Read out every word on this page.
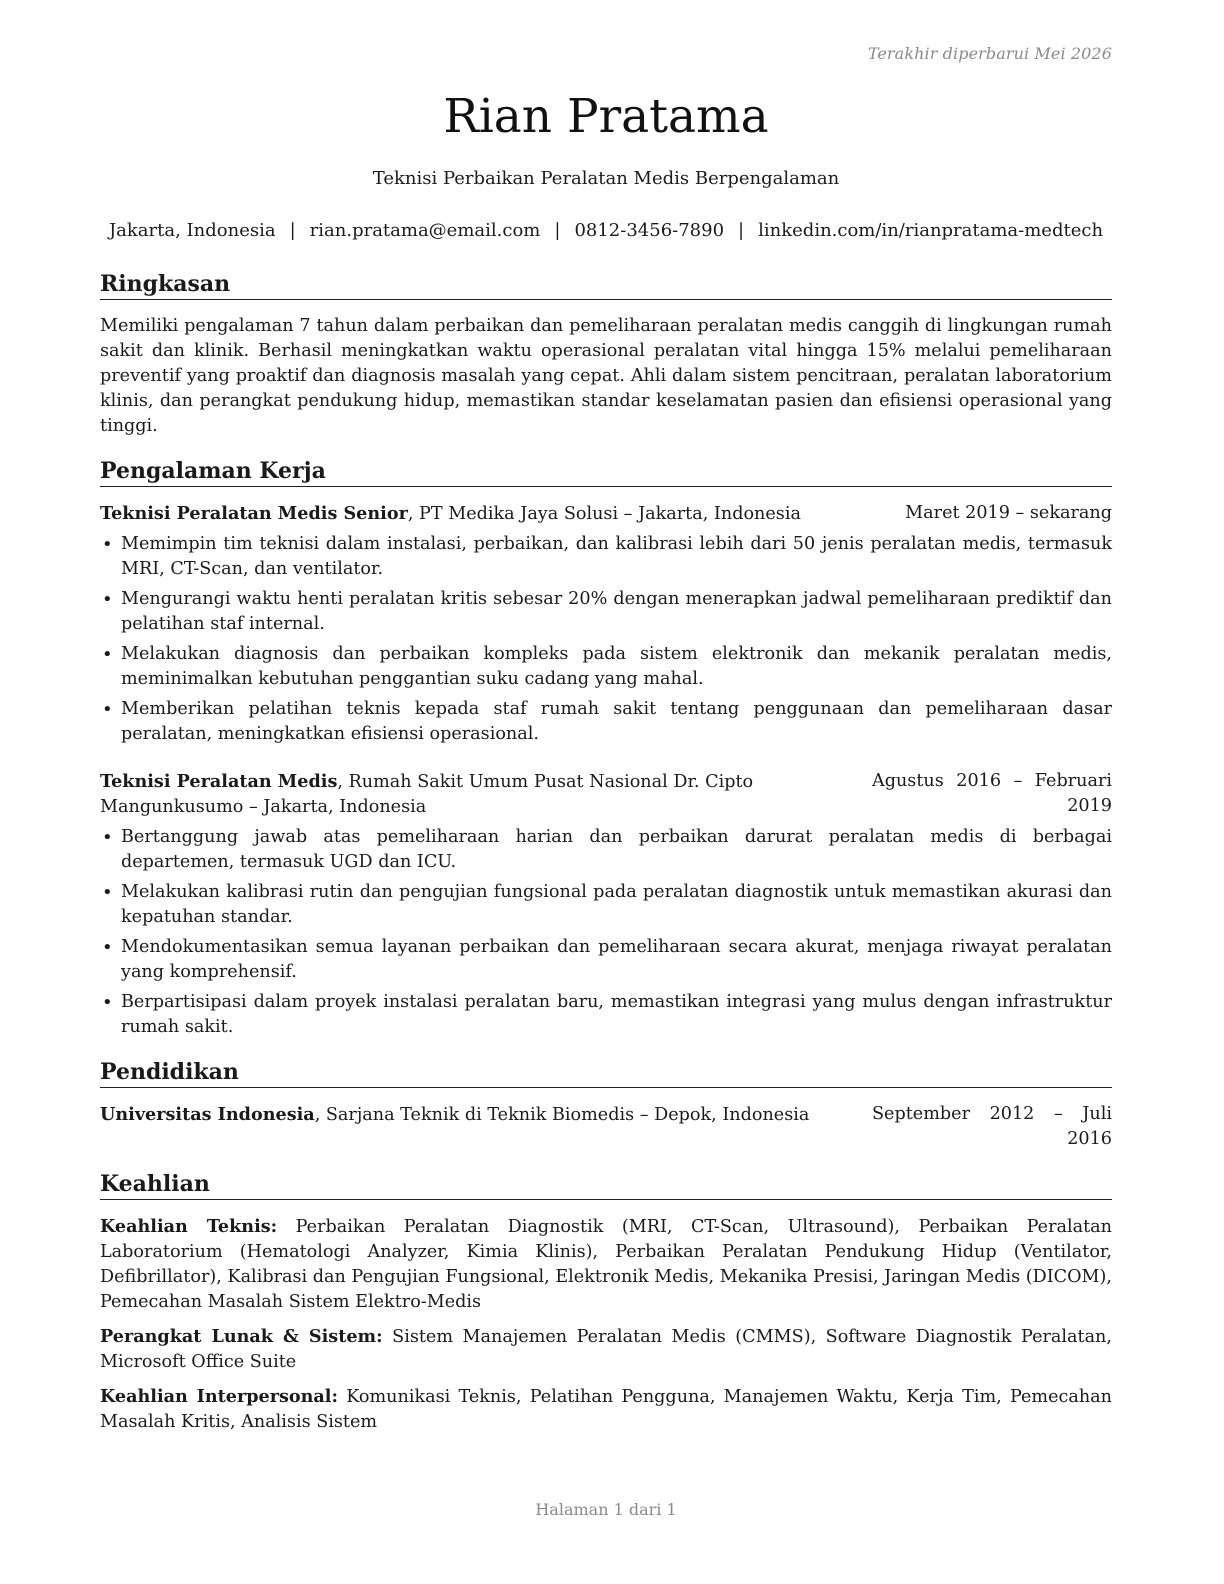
Terakhir diperbarui Mei 2026
Rian Pratama
Teknisi Perbaikan Peralatan Medis Berpengalaman
Jakarta, Indonesia | rian.pratama@email.com | 0812-3456-7890 | linkedin.com/in/rianpratama-medtech
Ringkasan

Memiliki pengalaman 7 tahun dalam perbaikan dan pemeliharaan peralatan medis canggih di lingkungan rumah sakit dan klinik. Berhasil meningkatkan waktu operasional peralatan vital hingga 15% melalui pemeliharaan preventif yang proaktif dan diagnosis masalah yang cepat. Ahli dalam sistem pencitraan, peralatan laboratorium klinis, dan perangkat pendukung hidup, memastikan standar keselamatan pasien dan efisiensi operasional yang tinggi.

Pengalaman Kerja
Teknisi Peralatan Medis Senior, PT Medika Jaya Solusi – Jakarta, Indonesia	Maret 2019 – sekarang
• Memimpin tim teknisi dalam instalasi, perbaikan, dan kalibrasi lebih dari 50 jenis peralatan medis, termasuk MRI, CT-Scan, dan ventilator.
• Mengurangi waktu henti peralatan kritis sebesar 20% dengan menerapkan jadwal pemeliharaan prediktif dan pelatihan staf internal.
• Melakukan diagnosis dan perbaikan kompleks pada sistem elektronik dan mekanik peralatan medis, meminimalkan kebutuhan penggantian suku cadang yang mahal.
• Memberikan pelatihan teknis kepada staf rumah sakit tentang penggunaan dan pemeliharaan dasar peralatan, meningkatkan efisiensi operasional.
Teknisi Peralatan Medis, Rumah Sakit Umum Pusat Nasional Dr. Cipto Mangunkusumo – Jakarta, Indonesia
Agustus 2016 – Februari 2019
• Bertanggung jawab atas pemeliharaan harian dan perbaikan darurat peralatan medis di berbagai departemen, termasuk UGD dan ICU.
• Melakukan kalibrasi rutin dan pengujian fungsional pada peralatan diagnostik untuk memastikan akurasi dan kepatuhan standar.
• Mendokumentasikan semua layanan perbaikan dan pemeliharaan secara akurat, menjaga riwayat peralatan yang komprehensif.
• Berpartisipasi dalam proyek instalasi peralatan baru, memastikan integrasi yang mulus dengan infrastruktur rumah sakit.
Pendidikan
Universitas Indonesia, Sarjana Teknik di Teknik Biomedis – Depok, Indonesia	September 2012 – Juli 2016
Keahlian
Keahlian Teknis: Perbaikan Peralatan Diagnostik (MRI, CT-Scan, Ultrasound), Perbaikan Peralatan Laboratorium (Hematologi Analyzer, Kimia Klinis), Perbaikan Peralatan Pendukung Hidup (Ventilator, Defibrillator), Kalibrasi dan Pengujian Fungsional, Elektronik Medis, Mekanika Presisi, Jaringan Medis (DICOM), Pemecahan Masalah Sistem Elektro-Medis
Perangkat Lunak & Sistem: Sistem Manajemen Peralatan Medis (CMMS), Software Diagnostik Peralatan, Microsoft Office Suite
Keahlian Interpersonal: Komunikasi Teknis, Pelatihan Pengguna, Manajemen Waktu, Kerja Tim, Pemecahan Masalah Kritis, Analisis Sistem
Halaman 1 dari 1
